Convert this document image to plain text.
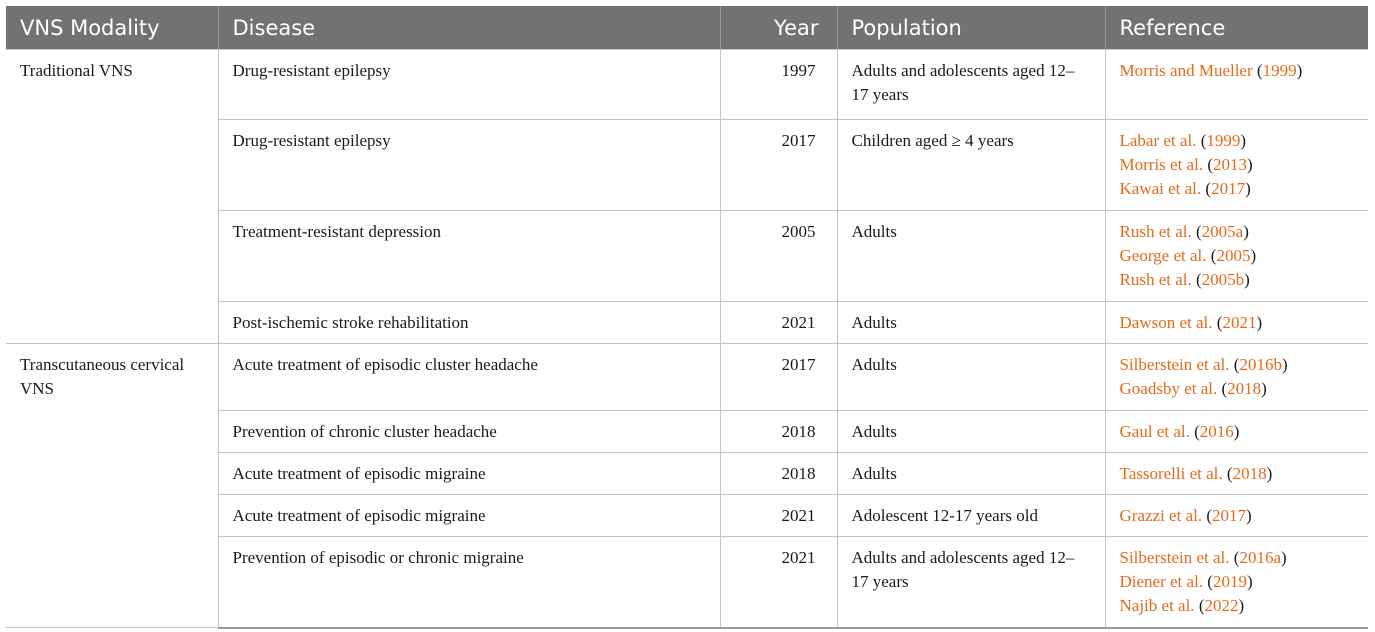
VNS Modality	Disease	Year	Population	Reference
Traditional VNS	Drug-resistant epilepsy	1997	Adults and adolescents aged 12–17 years	Morris and Mueller (1999)

	Drug-resistant epilepsy	2017	Children aged ≥ 4 years	Labar et al. (1999)
Morris et al. (2013)
Kawai et al. (2017)

	Treatment-resistant depression	2005	Adults	Rush et al. (2005a)
George et al. (2005)
Rush et al. (2005b)

	Post-ischemic stroke rehabilitation	2021	Adults	Dawson et al. (2021)

Transcutaneous cervical VNS	Acute treatment of episodic cluster headache	2017	Adults	Silberstein et al. (2016b)
Goadsby et al. (2018)

	Prevention of chronic cluster headache	2018	Adults	Gaul et al. (2016)

	Acute treatment of episodic migraine	2018	Adults	Tassorelli et al. (2018)

	Acute treatment of episodic migraine	2021	Adolescent 12-17 years old	Grazzi et al. (2017)

	Prevention of episodic or chronic migraine	2021	Adults and adolescents aged 12–17 years	Silberstein et al. (2016a)
Diener et al. (2019)
Najib et al. (2022)
